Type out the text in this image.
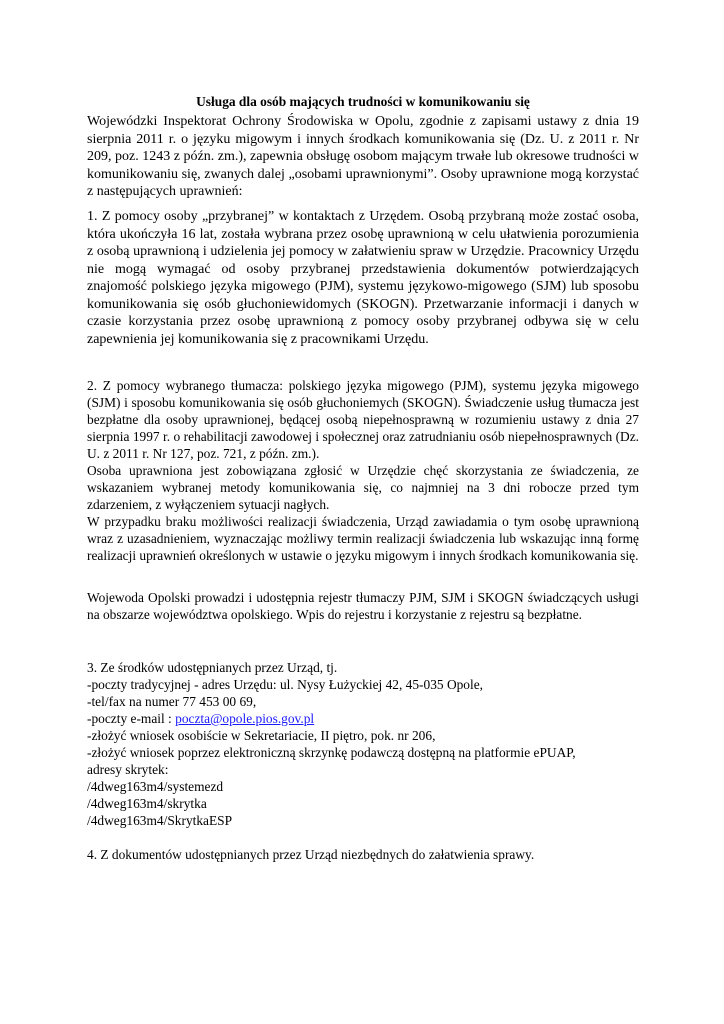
Usługa dla osób mających trudności w komunikowaniu się

Wojewódzki Inspektorat Ochrony Środowiska w Opolu, zgodnie z zapisami ustawy z dnia 19 sierpnia 2011 r. o języku migowym i innych środkach komunikowania się (Dz. U. z 2011 r. Nr 209, poz. 1243 z późn. zm.), zapewnia obsługę osobom mającym trwałe lub okresowe trudności w komunikowaniu się, zwanych dalej „osobami uprawnionymi”. Osoby uprawnione mogą korzystać z następujących uprawnień:

1. Z pomocy osoby „przybranej” w kontaktach z Urzędem. Osobą przybraną może zostać osoba, która ukończyła 16 lat, została wybrana przez osobę uprawnioną w celu ułatwienia porozumienia z osobą uprawnioną i udzielenia jej pomocy w załatwieniu spraw w Urzędzie. Pracownicy Urzędu nie mogą wymagać od osoby przybranej przedstawienia dokumentów potwierdzających znajomość polskiego języka migowego (PJM), systemu językowo-migowego (SJM) lub sposobu komunikowania się osób głuchoniewidomych (SKOGN). Przetwarzanie informacji i danych w czasie korzystania przez osobę uprawnioną z pomocy osoby przybranej odbywa się w celu zapewnienia jej komunikowania się z pracownikami Urzędu.

2. Z pomocy wybranego tłumacza: polskiego języka migowego (PJM), systemu języka migowego (SJM) i sposobu komunikowania się osób głuchoniemych (SKOGN). Świadczenie usług tłumacza jest bezpłatne dla osoby uprawnionej, będącej osobą niepełnosprawną w rozumieniu ustawy z dnia 27 sierpnia 1997 r. o rehabilitacji zawodowej i społecznej oraz zatrudnianiu osób niepełnosprawnych (Dz. U. z 2011 r. Nr 127, poz. 721, z późn. zm.).

Osoba uprawniona jest zobowiązana zgłosić w Urzędzie chęć skorzystania ze świadczenia, ze wskazaniem wybranej metody komunikowania się, co najmniej na 3 dni robocze przed tym zdarzeniem, z wyłączeniem sytuacji nagłych.

W przypadku braku możliwości realizacji świadczenia, Urząd zawiadamia o tym osobę uprawnioną wraz z uzasadnieniem, wyznaczając możliwy termin realizacji świadczenia lub wskazując inną formę realizacji uprawnień określonych w ustawie o języku migowym i innych środkach komunikowania się.

Wojewoda Opolski prowadzi i udostępnia rejestr tłumaczy PJM, SJM i SKOGN świadczących usługi na obszarze województwa opolskiego. Wpis do rejestru i korzystanie z rejestru są bezpłatne.

3. Ze środków udostępnianych przez Urząd, tj.
-poczty tradycyjnej - adres Urzędu: ul. Nysy Łużyckiej 42, 45-035 Opole,
-tel/fax na numer 77 453 00 69,
-poczty e-mail : poczta@opole.pios.gov.pl
-złożyć wniosek osobiście w Sekretariacie, II piętro, pok. nr 206,
-złożyć wniosek poprzez elektroniczną skrzynkę podawczą dostępną na platformie ePUAP,
adresy skrytek:
/4dweg163m4/systemezd
/4dweg163m4/skrytka
/4dweg163m4/SkrytkaESP
4. Z dokumentów udostępnianych przez Urząd niezbędnych do załatwienia sprawy.
